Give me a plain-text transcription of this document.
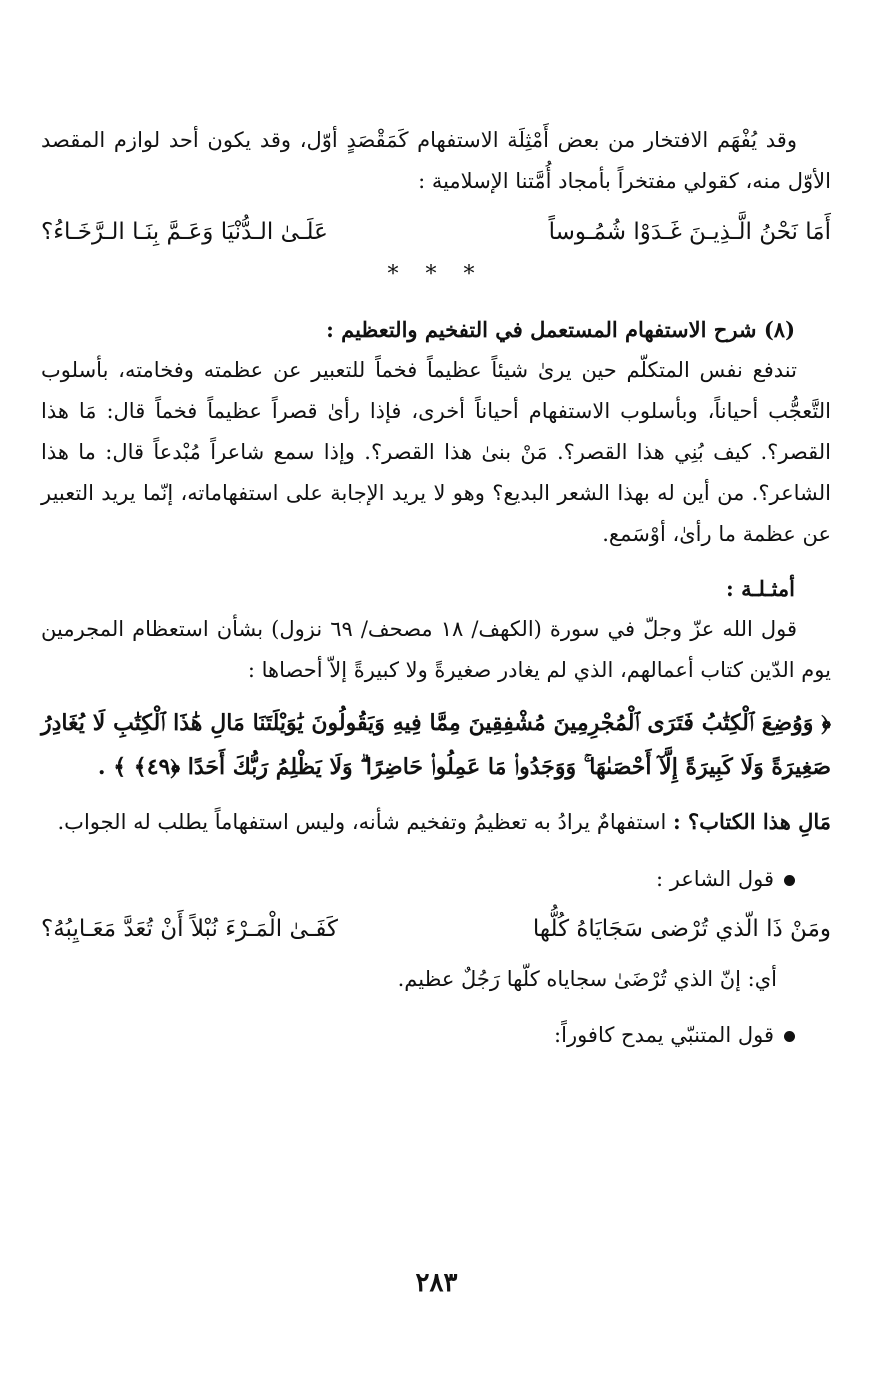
وقد يُفْهَم الافتخار من بعض أَمْثِلَة الاستفهام كَمَقْصَدٍ أوّل، وقد يكون أحد لوازم المقصد الأوّل منه، كقولي مفتخراً بأمجاد أُمَّتنا الإسلامية :

أَمَا نَحْنُ الَّـذِيـنَ غَـدَوْا شُمُـوساً
عَلَـىٰ الـدُّنْيَا وَعَـمَّ بِنَـا الـرَّخَـاءُ؟
* * *
(٨) شرح الاستفهام المستعمل في التفخيم والتعظيم :

تندفع نفس المتكلّم حين يرىٰ شيئاً عظيماً فخماً للتعبير عن عظمته وفخامته، بأسلوب التَّعجُّب أحياناً، وبأسلوب الاستفهام أحياناً أخرى، فإذا رأىٰ قصراً عظيماً فخماً قال: مَا هذا القصر؟. كيف بُنِي هذا القصر؟. مَنْ بنىٰ هذا القصر؟. وإذا سمع شاعراً مُبْدعاً قال: ما هذا الشاعر؟. من أين له بهذا الشعر البديع؟ وهو لا يريد الإجابة على استفهاماته، إنّما يريد التعبير عن عظمة ما رأىٰ، أوْسَمع.

أمثـلـة :

قول الله عزّ وجلّ في سورة (الكهف/ ١٨ مصحف/ ٦٩ نزول) بشأن استعظام المجرمين يوم الدّين كتاب أعمالهم، الذي لم يغادر صغيرةً ولا كبيرةً إلاّ أحصاها :

﴿ وَوُضِعَ ٱلْكِتَٰبُ فَتَرَى ٱلْمُجْرِمِينَ مُشْفِقِينَ مِمَّا فِيهِ وَيَقُولُونَ يَٰوَيْلَتَنَا مَالِ هَٰذَا ٱلْكِتَٰبِ لَا يُغَادِرُ صَغِيرَةً وَلَا كَبِيرَةً إِلَّآ أَحْصَىٰهَا ۚ وَوَجَدُوا۟ مَا عَمِلُوا۟ حَاضِرًا ۗ وَلَا يَظْلِمُ رَبُّكَ أَحَدًا ﴿٤٩﴾ ﴾ .

مَالِ هذا الكتاب؟ : استفهامٌ يرادُ به تعظيمُ وتفخيم شأنه، وليس استفهاماً يطلب له الجواب.

قول الشاعر :
ومَنْ ذَا الّذي تُرْضى سَجَايَاهُ كُلُّها
كَفَـىٰ الْمَـرْءَ نُبْلاً أَنْ تُعَدَّ مَعَـايِبُهُ؟

أي: إنّ الذي تُرْضَىٰ سجاياه كلّها رَجُلٌ عظيم.

قول المتنبّي يمدح كافوراً:
٢٨٣
